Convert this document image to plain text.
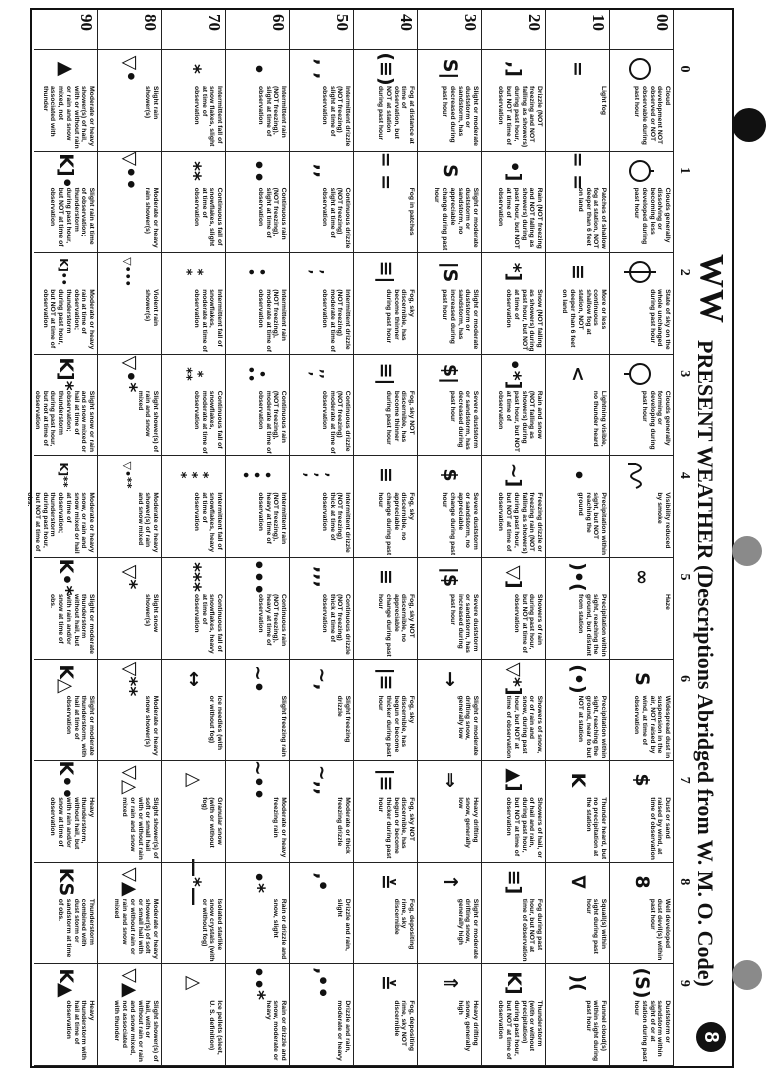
WW
PRESENT WEATHER (Descriptions Abridged from W. M. O. Code)
8
0
1
2
3
4
5
6
7
8
9
00
Cloud development NOT observed or NOT observable during past hour
Clouds generally dissolving or becoming less developed during past hour
State of sky on the whole unchanged during past hour
Clouds generally forming or developing during past hour
Visibility reduced by smoke
∞
Haze
S
Widespread dust in suspension in the air, NOT raised by wind, at time of observation
$
Dust or sand raised by wind, at time of observation
8
Well developed dust devil(s) within past hour
(S)
Duststorm or sandstorm within sight of or at station during past hour
10
=
Light fog
= =
Patches of shallow fog at station, NOT deeper than 6 feet on land
≡
More or less continuous shallow fog at station, NOT deeper than 6 feet on land
<
Lightning visible, no thunder heard
•
Precipitation within sight, but NOT reaching the ground
)•(
Precipitation within sight, reaching the ground, but distant from station
(•)
Precipitation within sight, reaching the ground, near to but NOT at station
K
Thunder heard, but no precipitation at the station
∇
Squall(s) within sight during past hour
)(
Funnel cloud(s) within sight during past hour
20
,]
Drizzle (NOT freezing and NOT falling as showers) during past hour, but NOT at time of observation
•]
Rain (NOT freezing and NOT falling as showers) during past hour, but NOT at time of observation
*]
Snow (NOT falling as showers) during past hour, but NOT at time of observation
•*]
Rain and snow (NOT falling as showers) during past hour, but NOT at time of observation
~]
Freezing drizzle or freezing rain (NOT falling as showers) during past hour, but NOT at time of observation
▽]
Showers of rain during past hour, but NOT at time of observation
▽*]
Showers of snow, or of rain and snow, during past hour, but NOT at time of observation
▲]
Showers of hail, or of hail and rain, during past hour, but NOT at time of observation
≡]
Fog during past hour, but NOT at time of observation
K]
Thunderstorm (with or without precipitation) during past hour, but NOT at time of observation
30
S|
Slight or moderate duststorm or sandstorm, has decreased during past hour
S
Slight or moderate duststorm or sandstorm, no appreciable change during past hour
|S
Slight or moderate duststorm or sandstorm, has increased during past hour
$|
Severe duststorm or sandstorm, has decreased during past hour
$
Severe duststorm or sandstorm, no appreciable change during past hour
|$
Severe duststorm or sandstorm, has increased during past hour
→
Slight or moderate drifting snow, generally low
⇒
Heavy drifting snow, generally low
↑
Slight or moderate drifting snow, generally high
⇑
Heavy drifting snow, generally high
40
(≡)
Fog at distance at time of observation, but NOT at station during past hour
= =
Fog in patches
≡|
Fog, sky discernible, has become thinner during past hour
≡|
Fog, sky NOT discernible, has become thinner during past hour
≡
Fog, sky discernible, no appreciable change during past hour
≡
Fog, sky NOT discernible, no appreciable change during past hour
|≡
Fog, sky discernible, has begun or become thicker during past hour
|≡
Fog, sky NOT discernible, has begun or become thicker during past hour
≚
Fog, depositing rime, sky discernible
≚
Fog, depositing rime, sky NOT discernible
50
, ,
Intermittent drizzle (NOT freezing) slight at time of observation
,,
Continuous drizzle (NOT freezing) slight at time of observation
,
,
Intermittent drizzle (NOT freezing) moderate at time of observation
,,
,
Continuous drizzle (NOT freezing) moderate at time of observation
,
,
,
Intermittent drizzle (NOT freezing) thick at time of observation
,,,
Continuous drizzle (NOT freezing) thick at time of observation
~,
Slight freezing drizzle
~,,
Moderate or thick freezing drizzle
,•
Drizzle and rain, slight
,••
Drizzle and rain, moderate or heavy
60
•
Intermittent rain (NOT freezing), slight at time of observation
••
Continuous rain (NOT freezing), slight at time of observation
•
•
Intermittent rain (NOT freezing), moderate at time of observation
•
••
Continuous rain (NOT freezing), moderate at time of observation
•
•
•
Intermittent rain (NOT freezing), heavy at time of observation
•••
Continuous rain (NOT freezing), heavy at time of observation
~•
Slight freezing rain
~••
Moderate or heavy freezing rain
•*
Rain or drizzle and snow, slight
••*
Rain or drizzle and snow, moderate or heavy
70
*
Intermittent fall of snow flakes, slight at time of observation
**
Continuous fall of snowflakes, slight at time of observation
*
*
Intermittent fall of snowflakes, moderate at time of observation
*
**
Continuous fall of snowflakes, moderate at time of observation
*
*
*
Intermittent fall of snowflakes, heavy at time of observation
***
Continuous fall of snowflakes, heavy at time of observation
↔
Ice needles (with or without fog)
△
Granular snow (with or without fog)
—*—
Isolated starlike snow crystals (with or without fog)
△
Ice pellets (sleet, U. S. definition)
80
▽•
Slight rain shower(s)
▽••
Moderate or heavy rain shower(s)
▽•••
Violent rain shower(s)
▽•*
Slight shower(s) of rain and snow mixed
▽•**
Moderate or heavy shower(s) of rain and snow mixed
▽*
Slight snow shower(s)
▽**
Moderate or heavy snow shower(s)
▽△
Slight shower(s) of soft or small hail with or without rain or rain and snow mixed
▽▲
Moderate or heavy shower(s) of soft or small hail with or without rain or rain and snow mixed
▽▲
Slight shower(s) of hail, with or without rain or rain and snow mixed, not associated with thunder
90
▲
Moderate or heavy shower(s) of hail, with or without rain or rain and snow mixed, not associated with thunder
K]•
Slight rain at time of observation; thunderstorm during past hour, but NOT at time of observation
K]••
Moderate or heavy rain at time of observation; thunderstorm during past hour, but NOT at time of observation
K]*
Slight snow or rain and snow mixed or hail at time of observation; thunderstorm during past hour, but not at time of observation
K]**
Moderate or heavy snow, or rain and snow mixed or hail at time of observation; thunderstorm during past hour, but NOT at time of obs.
K•*
Slight or moderate thunderstorm without hail, but with rain and/or snow at time of obs.
K△
Slight or moderate thunderstorm, with hail at time of observation
K••
Heavy thunderstorm, without hail, but with rain and/or snow at time of observation
KS
Thunderstorm combined with dust storm or sandstorm at time of obs.
K▲
Heavy thunderstorm with hail at time of observation
